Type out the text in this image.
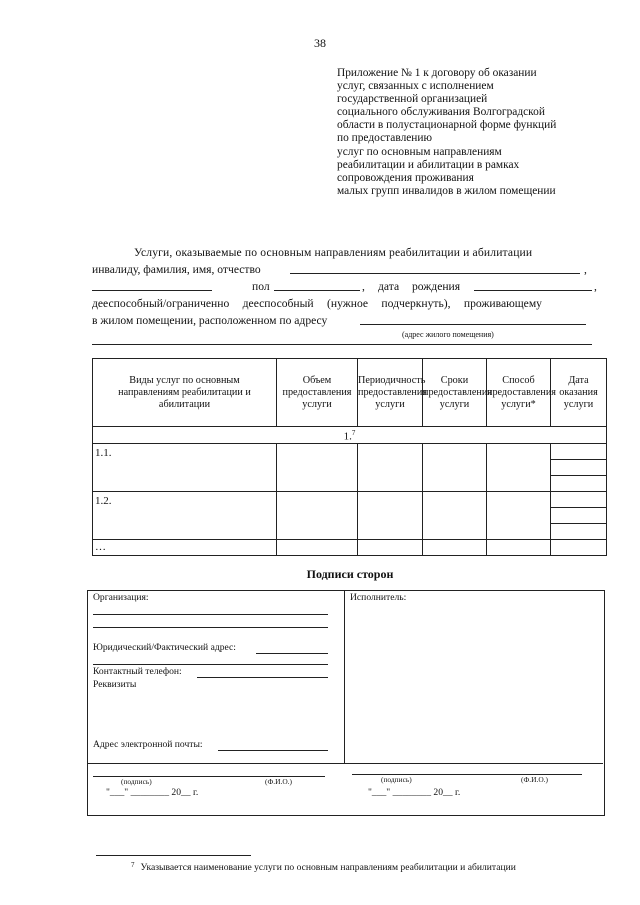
38
Приложение № 1 к договору об оказании
услуг, связанных с исполнением
государственной организацией
социального обслуживания Волгоградской
области в полустационарной форме функций
по предоставлению
услуг по основным направлениям
реабилитации и абилитации в рамках
сопровождения проживания
малых групп инвалидов в жилом помещении
Услуги, оказываемые по основным направлениям реабилитации и абилитации
инвалиду, фамилия, имя, отчество	,
пол	, дата рождения	,
дееспособный/ограниченно дееспособный (нужное подчеркнуть), проживающему
в жилом помещении, расположенном по адресу
(адрес жилого помещения)
Виды услуг по основным направлениям реабилитации и абилитации	Объем предоставления услуги	Периодичность предоставления услуги	Сроки предоставления услуги	Способ предоставления услуги*	Дата оказания услуги
1.$^7$
1.1.					

1.2.					

…					
Подписи сторон
Организация:
Юридический/Фактический адрес:
Контактный телефон:
Реквизиты
Адрес электронной почты:
Исполнитель:
(подпись)	(Ф.И.О.)
"___" ________ 20__ г.
(подпись)	(Ф.И.О.)
"___" ________ 20__ г.
$^7$ Указывается наименование услуги по основным направлениям реабилитации и абилитации
